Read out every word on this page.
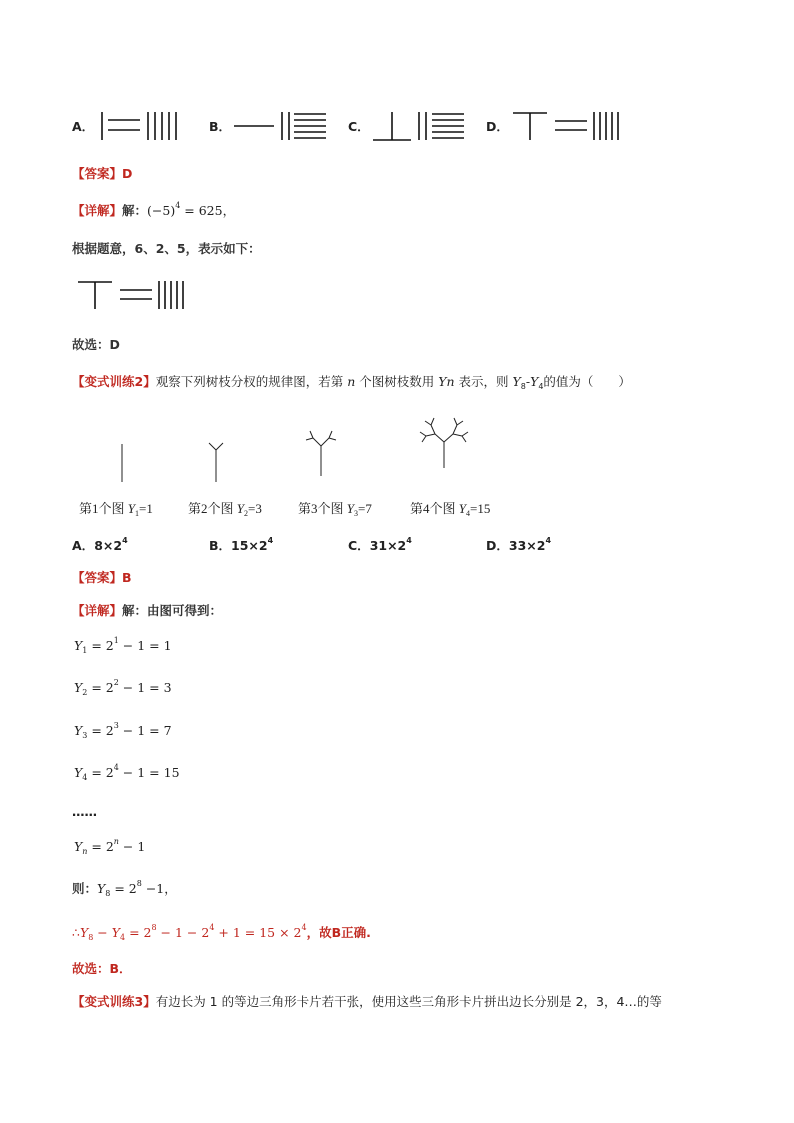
A．	B．	C．	D．
【答案】D
【详解】解：$(-5)^4 = 625$，
根据题意，6、2、5，表示如下：
故选：D
【变式训练2】观察下列树枝分杈的规律图，若第 n 个图树枝数用 Yn 表示，则 $Y_8-Y_4$的值为（　　）
第1个图 $Y_1=1$	第2个图 $Y_2=3$	第3个图 $Y_3=7$	第4个图 $Y_4=15$
A．$8\times 2^4$	B．$15\times 2^4$	C．$31\times 2^4$	D．$33\times 2^4$
【答案】B
【详解】解：由图可得到：
$Y_1 = 2^1 - 1 = 1$
$Y_2 = 2^2 - 1 = 3$
$Y_3 = 2^3 - 1 = 7$
$Y_4 = 2^4 - 1 = 15$
……
$Y_n = 2^n - 1$
则：$Y_8 = 2^8 -1$，
$\therefore Y_8 - Y_4 = 2^8 - 1 - 2^4 + 1 = 15 \times 2^4$，故B正确.
故选：B．
【变式训练3】有边长为 1 的等边三角形卡片若干张，使用这些三角形卡片拼出边长分别是 2，3，4…的等
